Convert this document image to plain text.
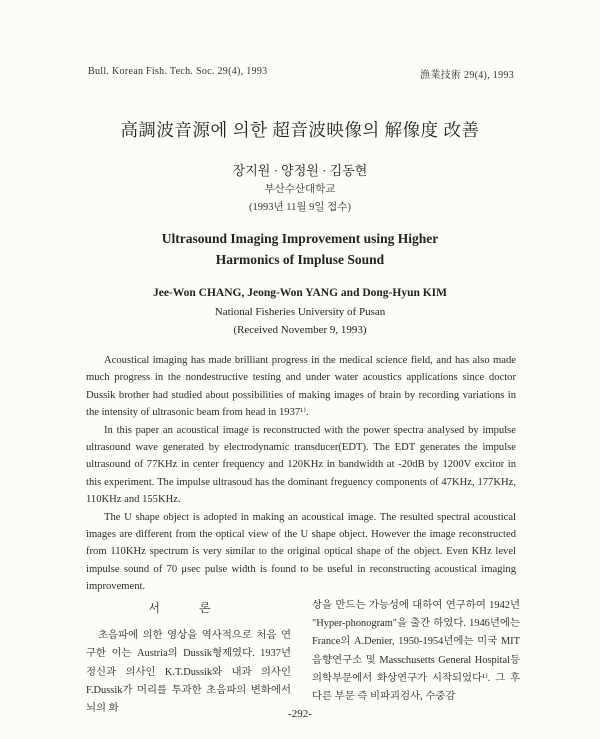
Bull. Korean Fish. Tech. Soc. 29(4), 1993	漁業技術 29(4), 1993
高調波音源에 의한 超音波映像의 解像度 改善
장지원 · 양정원 · 김동현
부산수산대학교
(1993년 11월 9일 접수)
Ultrasound Imaging Improvement using Higher
Harmonics of Impluse Sound
Jee-Won CHANG, Jeong-Won YANG and Dong-Hyun KIM
National Fisheries University of Pusan
(Received November 9, 1993)

Acoustical imaging has made brilliant progress in the medical science field, and has also made much progress in the nondestructive testing and under water acoustics applications since doctor Dussik brother had studied about possibilities of making images of brain by recording variations in the intensity of ultrasonic beam from head in 1937¹⁾.

In this paper an acoustical image is reconstructed with the power spectra analysed by impulse ultrasound wave generated by electrodynamic transducer(EDT). The EDT generates the impulse ultrasound of 77KHz in center frequency and 120KHz in bandwidth at -20dB by 1200V excitor in this experiment. The impulse ultrasoud has the dominant freguency components of 47KHz, 177KHz, 110KHz and 155KHz.

The U shape object is adopted in making an acoustical image. The resulted spectral acoustical images are different from the optical view of the U shape object. However the image reconstructed from 110KHz spectrum is very similar to the original optical shape of the object. Even KHz level impulse sound of 70 μsec pulse width is found to be useful in reconstructing acoustical imaging improvement.

서 론

초음파에 의한 영상을 역사적으로 처음 연구한 이는 Austria의 Dussik형제였다. 1937년 정신과 의사인 K.T.Dussik와 내과 의사인 F.Dussik가 머리를 투과한 초음파의 변화에서 뇌의 화

상을 만드는 가능성에 대하여 연구하여 1942년 "Hyper-phonogram"을 출간 하였다. 1946년에는 France의 A.Denier, 1950-1954년에는 미국 MIT음향연구소 및 Masschusetts General Hospital등 의학부문에서 화상연구가 시작되었다¹⁾. 그 후 다른 부문 즉 비파괴검사, 수중감

-292-
